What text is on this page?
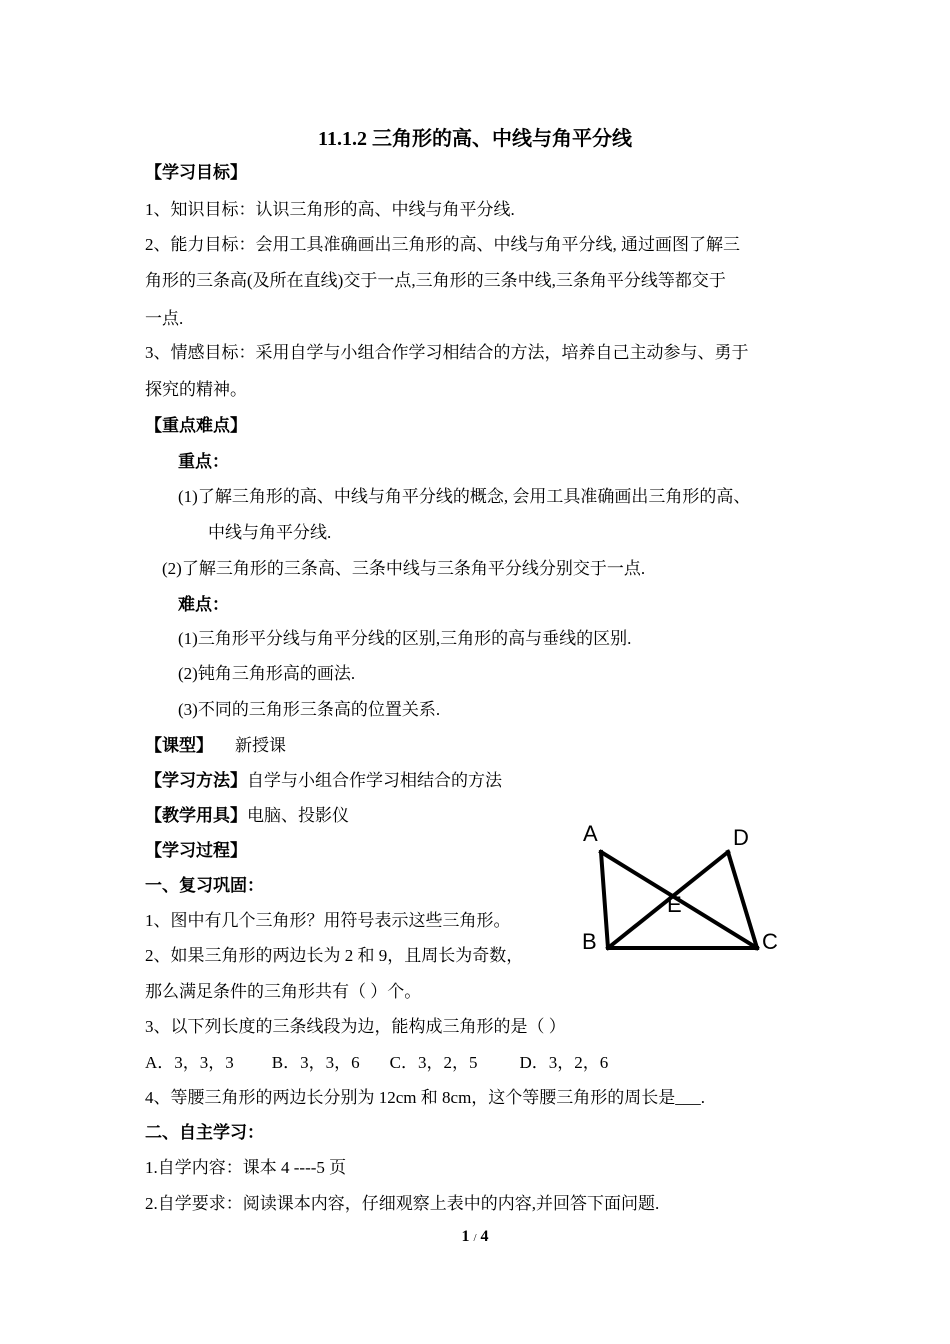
11.1.2 三角形的高、中线与角平分线
【学习目标】
1、知识目标：认识三角形的高、中线与角平分线.
2、能力目标：会用工具准确画出三角形的高、中线与角平分线, 通过画图了解三
角形的三条高(及所在直线)交于一点,三角形的三条中线,三条角平分线等都交于
一点.
3、情感目标：采用自学与小组合作学习相结合的方法，培养自己主动参与、勇于
探究的精神。
【重点难点】
重点：
(1)了解三角形的高、中线与角平分线的概念, 会用工具准确画出三角形的高、
中线与角平分线.
(2)了解三角形的三条高、三条中线与三条角平分线分别交于一点.
难点：
(1)三角形平分线与角平分线的区别,三角形的高与垂线的区别.
(2)钝角三角形高的画法.
(3)不同的三角形三条高的位置关系.
【课型】 新授课
【学习方法】自学与小组合作学习相结合的方法
【教学用具】电脑、投影仪
【学习过程】
一、复习巩固：
1、图中有几个三角形？用符号表示这些三角形。
2、如果三角形的两边长为 2 和 9，且周长为奇数，
那么满足条件的三角形共有（ ）个。
3、以下列长度的三条线段为边，能构成三角形的是（ ）
A．3，3，3 B．3，3，6 C．3，2，5 D．3，2，6
4、等腰三角形的两边长分别为 12cm 和 8cm，这个等腰三角形的周长是___.
二、自主学习：
1.自学内容：课本 4 ----5 页
2.自学要求：阅读课本内容，仔细观察上表中的内容,并回答下面问题.
A	D
E
B	C
1 / 4
